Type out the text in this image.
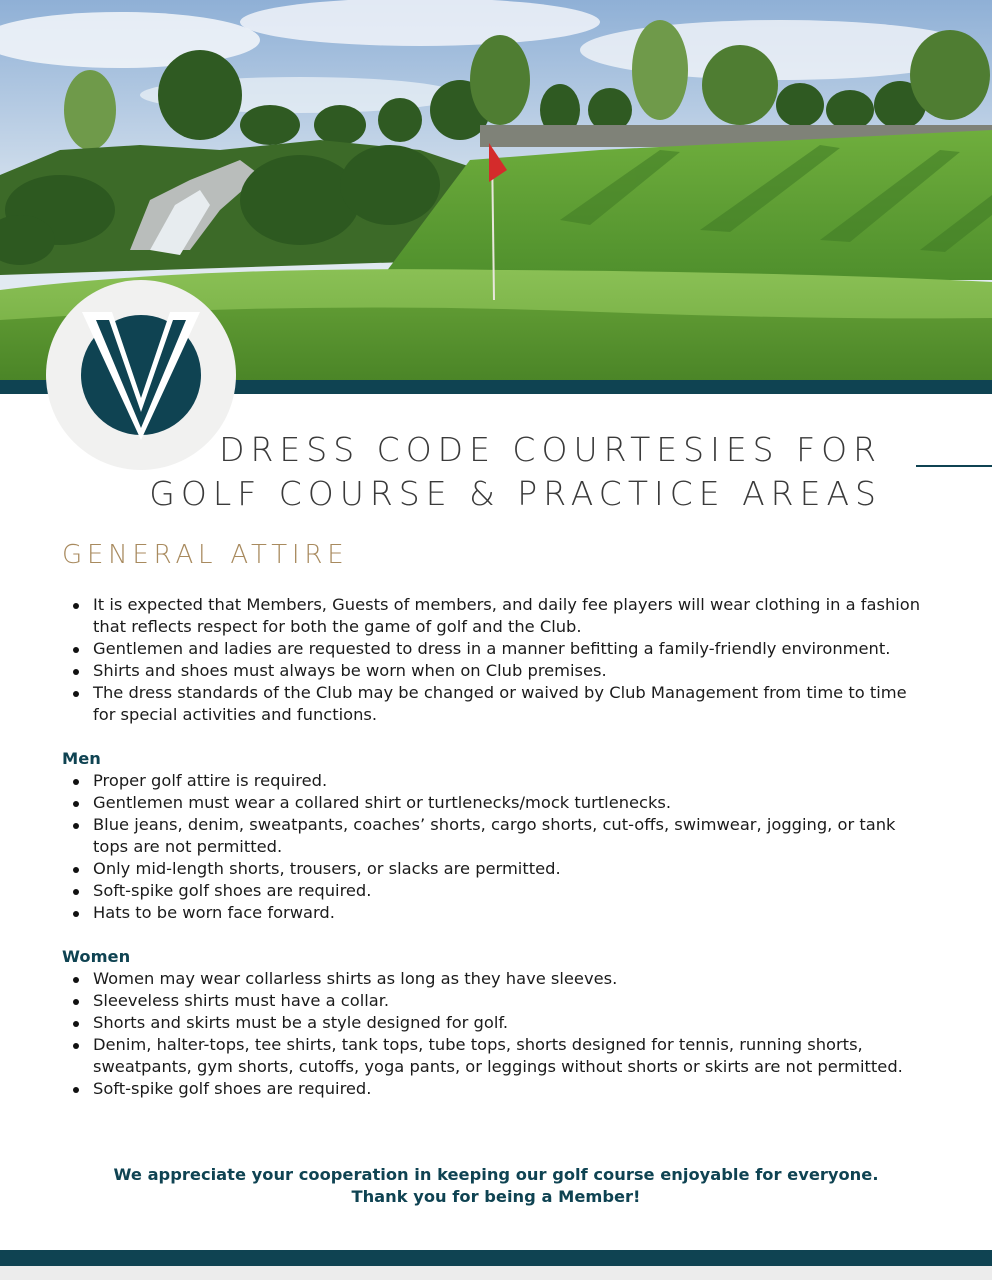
DRESS CODE COURTESIES FOR
GOLF COURSE & PRACTICE AREAS
GENERAL ATTIRE
It is expected that Members, Guests of members, and daily fee players will wear clothing in a fashion that reflects respect for both the game of golf and the Club.
Gentlemen and ladies are requested to dress in a manner befitting a family-friendly environment.
Shirts and shoes must always be worn when on Club premises.
The dress standards of the Club may be changed or waived by Club Management from time to time for special activities and functions.
Men
Proper golf attire is required.
Gentlemen must wear a collared shirt or turtlenecks/mock turtlenecks.
Blue jeans, denim, sweatpants, coaches’ shorts, cargo shorts, cut-offs, swimwear, jogging, or tank tops are not permitted.
Only mid-length shorts, trousers, or slacks are permitted.
Soft-spike golf shoes are required.
Hats to be worn face forward.
Women
Women may wear collarless shirts as long as they have sleeves.
Sleeveless shirts must have a collar.
Shorts and skirts must be a style designed for golf.
Denim, halter-tops, tee shirts, tank tops, tube tops, shorts designed for tennis, running shorts, sweatpants, gym shorts, cutoffs, yoga pants, or leggings without shorts or skirts are not permitted.
Soft-spike golf shoes are required.
We appreciate your cooperation in keeping our golf course enjoyable for everyone.
Thank you for being a Member!
